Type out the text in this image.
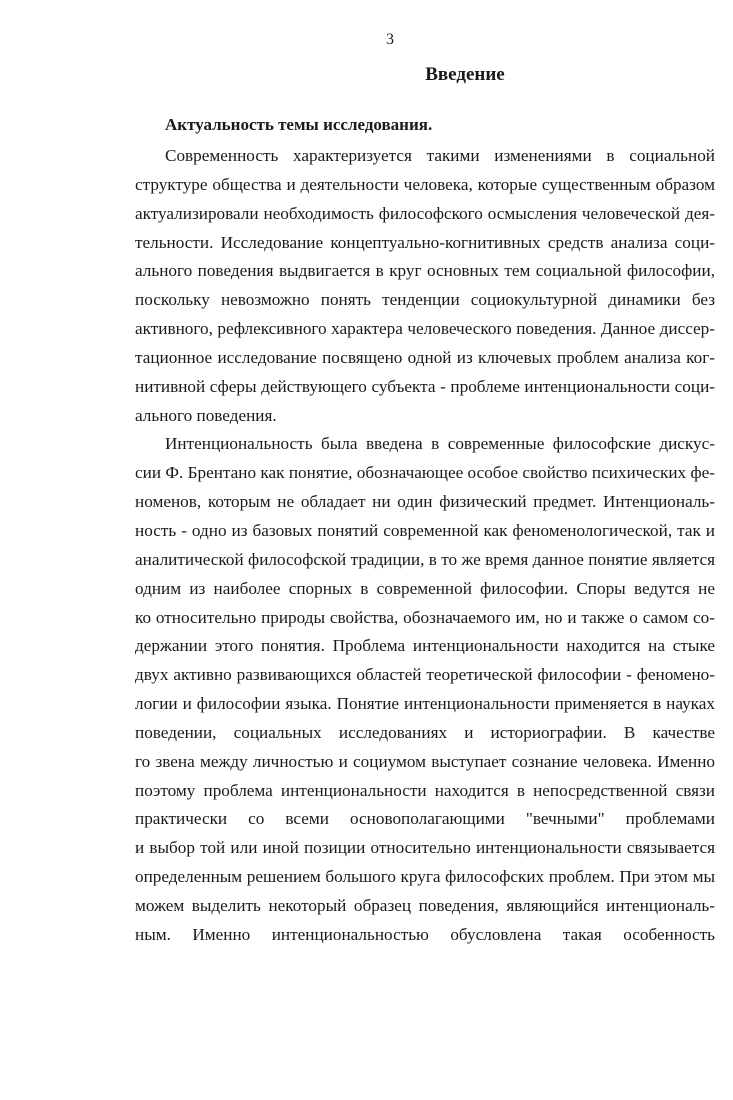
3
Введение
Актуальность темы исследования.
Современность характеризуется такими изменениями в социальной
структуре общества и деятельности человека, которые существенным образом
актуализировали необходимость философского осмысления человеческой дея-
тельности. Исследование концептуально-когнитивных средств анализа соци-
ального поведения выдвигается в круг основных тем социальной философии,
поскольку невозможно понять тенденции социокультурной динамики без
активного, рефлексивного характера человеческого поведения. Данное диссер-
тационное исследование посвящено одной из ключевых проблем анализа ког-
нитивной сферы действующего субъекта - проблеме интенциональности соци-
ального поведения.
Интенциональность была введена в современные философские дискус-
сии Ф. Брентано как понятие, обозначающее особое свойство психических фе-
номенов, которым не обладает ни один физический предмет. Интенциональ-
ность - одно из базовых понятий современной как феноменологической, так и
аналитической философской традиции, в то же время данное понятие является
одним из наиболее спорных в современной философии. Споры ведутся не
ко относительно природы свойства, обозначаемого им, но и также о самом со-
держании этого понятия. Проблема интенциональности находится на стыке
двух активно развивающихся областей теоретической философии - феномено-
логии и философии языка. Понятие интенциональности применяется в науках
поведении, социальных исследованиях и историографии. В качестве
го звена между личностью и социумом выступает сознание человека. Именно
поэтому проблема интенциональности находится в непосредственной связи
практически со всеми основополагающими "вечными" проблемами
и выбор той или иной позиции относительно интенциональности связывается
определенным решением большого круга философских проблем. При этом мы
можем выделить некоторый образец поведения, являющийся интенциональ-
ным. Именно интенциональностью обусловлена такая особенность
